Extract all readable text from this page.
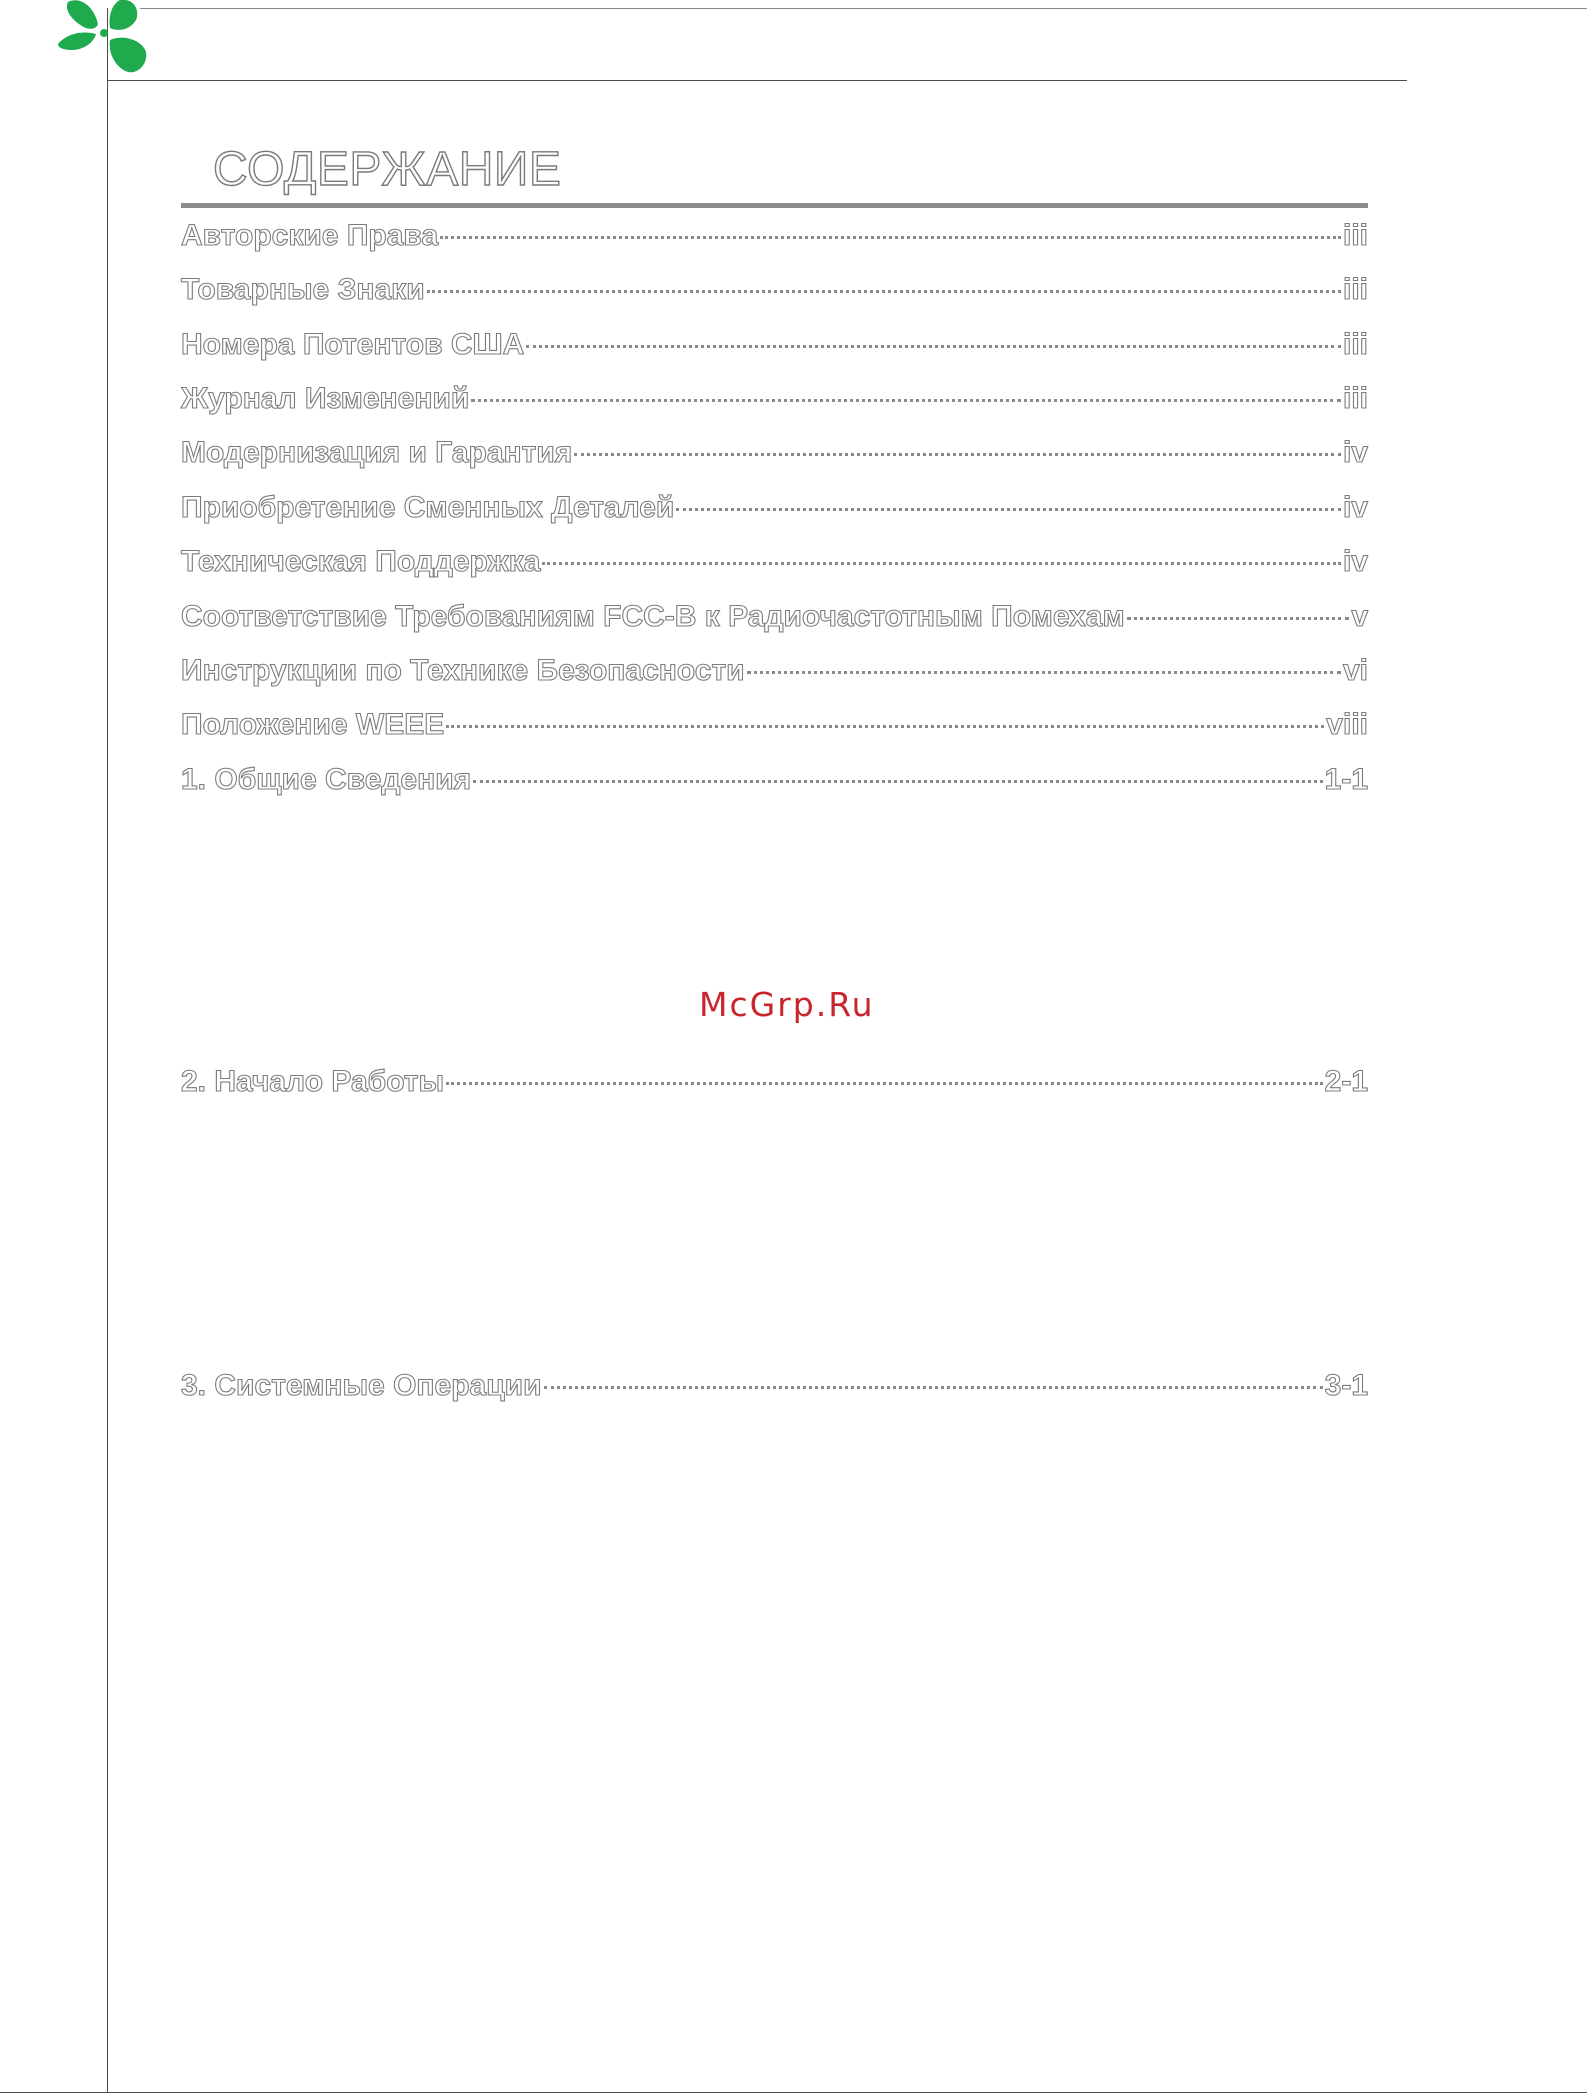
СОДЕРЖАНИЕ
Авторские Права	iii
Товарные Знаки	iii
Номера Потентов США	iii
Журнал Изменений	iii
Модернизация и Гарантия	iv
Приобретение Сменных Деталей	iv
Техническая Поддержка	iv
Соответствие Требованиям FCC-B к Радиочастотным Помехам	v
Инструкции по Технике Безопасности	vi
Положение WEEE	viii
1. Общие Сведения	1-1
McGrp.Ru
2. Начало Работы	2-1
3. Системные Операции	3-1
